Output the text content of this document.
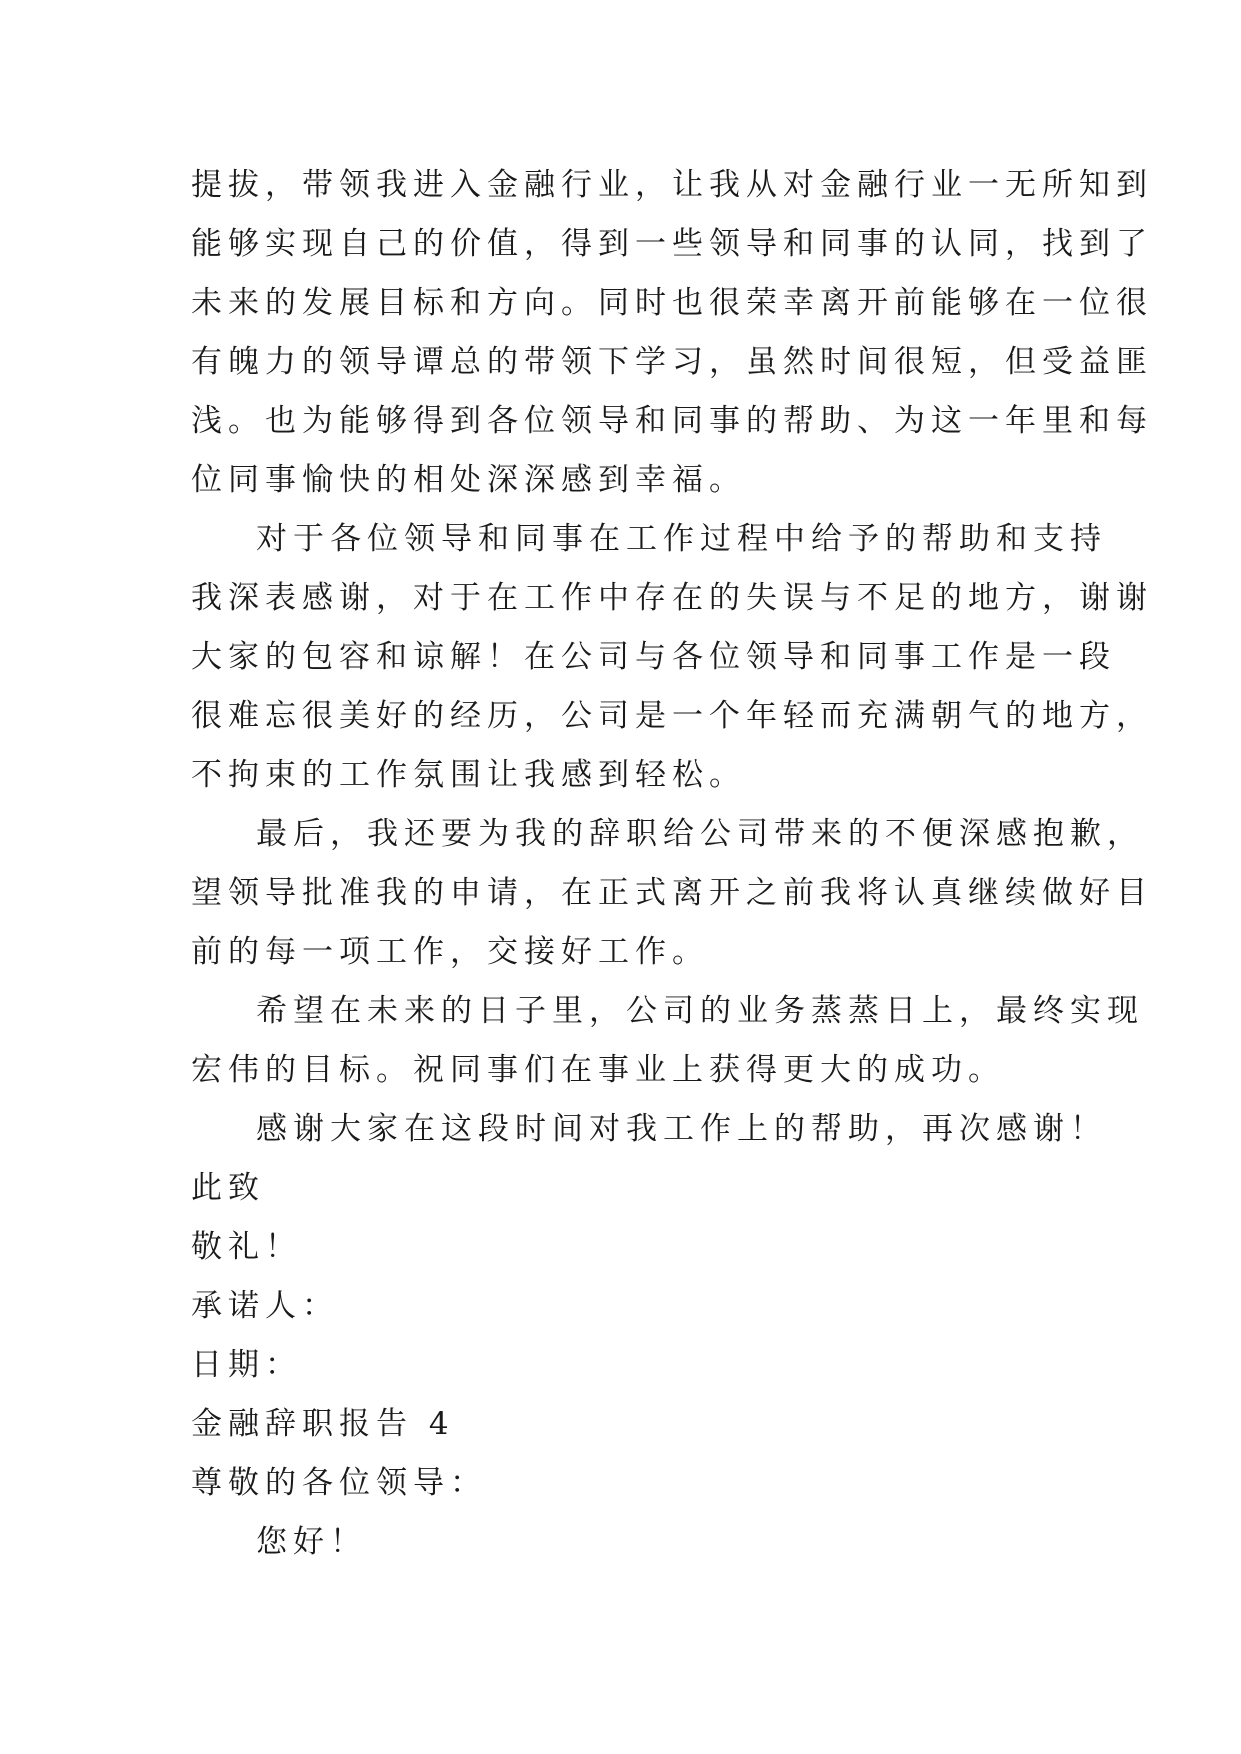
提拔，带领我进入金融行业，让我从对金融行业一无所知到
能够实现自己的价值，得到一些领导和同事的认同，找到了
未来的发展目标和方向。同时也很荣幸离开前能够在一位很
有魄力的领导谭总的带领下学习，虽然时间很短，但受益匪
浅。也为能够得到各位领导和同事的帮助、为这一年里和每
位同事愉快的相处深深感到幸福。
对于各位领导和同事在工作过程中给予的帮助和支持
我深表感谢，对于在工作中存在的失误与不足的地方，谢谢
大家的包容和谅解！在公司与各位领导和同事工作是一段
很难忘很美好的经历，公司是一个年轻而充满朝气的地方，
不拘束的工作氛围让我感到轻松。
最后，我还要为我的辞职给公司带来的不便深感抱歉，
望领导批准我的申请，在正式离开之前我将认真继续做好目
前的每一项工作，交接好工作。
希望在未来的日子里，公司的业务蒸蒸日上，最终实现
宏伟的目标。祝同事们在事业上获得更大的成功。
感谢大家在这段时间对我工作上的帮助，再次感谢！
此致
敬礼！
承诺人：
日期：
金融辞职报告 4
尊敬的各位领导：
您好！
